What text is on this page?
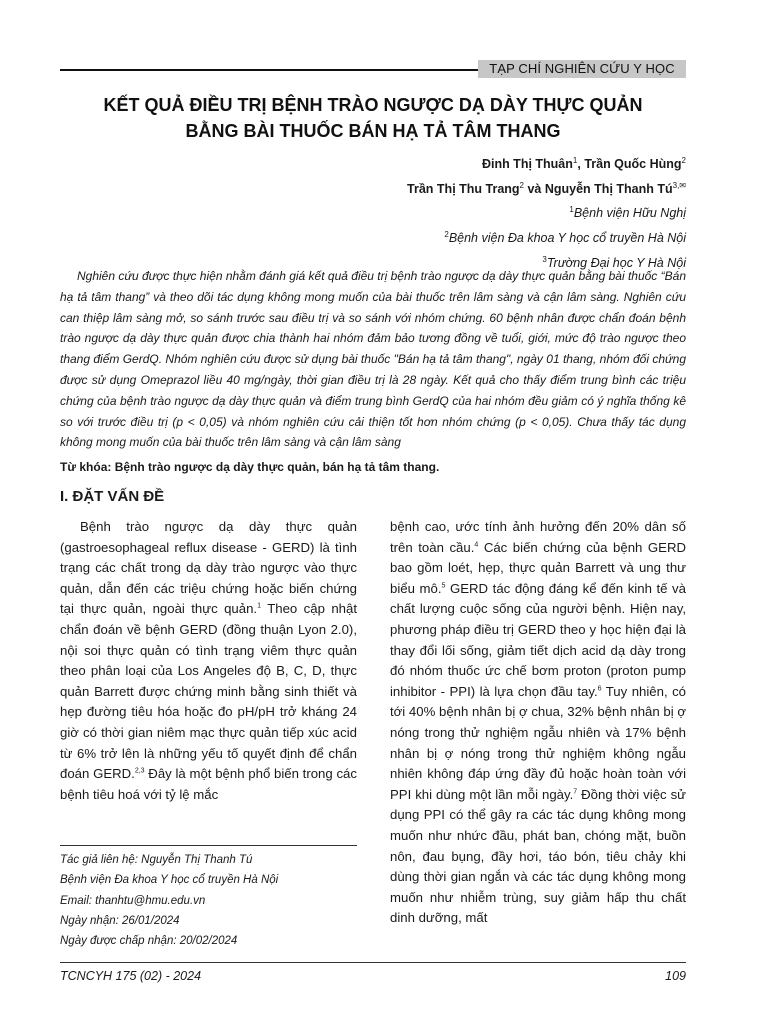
TẠP CHÍ NGHIÊN CỨU Y HỌC
KẾT QUẢ ĐIỀU TRỊ BỆNH TRÀO NGƯỢC DẠ DÀY THỰC QUẢN
BẰNG BÀI THUỐC BÁN HẠ TẢ TÂM THANG
Đinh Thị Thuân$^1$, Trần Quốc Hùng$^2$
Trần Thị Thu Trang$^2$ và Nguyễn Thị Thanh $Tú^{3,✉}$
$^1$Bệnh viện Hữu Nghị
$^2$Bệnh viện Đa khoa Y học cổ truyền Hà Nội
$^3$Trường Đại học Y Hà Nội

Nghiên cứu được thực hiện nhằm đánh giá kết quả điều trị bệnh trào ngược dạ dày thực quản bằng bài thuốc “Bán hạ tả tâm thang” và theo dõi tác dụng không mong muốn của bài thuốc trên lâm sàng và cận lâm sàng. Nghiên cứu can thiệp lâm sàng mở, so sánh trước sau điều trị và so sánh với nhóm chứng. 60 bệnh nhân được chẩn đoán bệnh trào ngược dạ dày thực quản được chia thành hai nhóm đảm bảo tương đồng về tuổi, giới, mức độ trào ngược theo thang điểm GerdQ. Nhóm nghiên cứu được sử dụng bài thuốc "Bán hạ tả tâm thang", ngày 01 thang, nhóm đối chứng được sử dụng Omeprazol liều 40 mg/ngày, thời gian điều trị là 28 ngày. Kết quả cho thấy điểm trung bình các triệu chứng của bệnh trào ngược dạ dày thực quản và điểm trung bình GerdQ của hai nhóm đều giảm có ý nghĩa thống kê so với trước điều trị (p < 0,05) và nhóm nghiên cứu cải thiện tốt hơn nhóm chứng (p < 0,05). Chưa thấy tác dụng không mong muốn của bài thuốc trên lâm sàng và cận lâm sàng

Từ khóa: Bệnh trào ngược dạ dày thực quản, bán hạ tả tâm thang.

I. ĐẶT VẤN ĐỀ

Bệnh trào ngược dạ dày thực quản (gastroesophageal reflux disease - GERD) là tình trạng các chất trong dạ dày trào ngược vào thực quản, dẫn đến các triệu chứng hoặc biến chứng tại thực quản, ngoài thực quản.$^1$ Theo cập nhật chẩn đoán về bệnh GERD (đồng thuận Lyon 2.0), nội soi thực quản có tình trạng viêm thực quản theo phân loại của Los Angeles độ B, C, D, thực quản Barrett được chứng minh bằng sinh thiết và hẹp đường tiêu hóa hoặc đo pH/pH trở kháng 24 giờ có thời gian niêm mạc thực quản tiếp xúc acid từ 6% trở lên là những yếu tố quyết định để chẩn đoán GERD.$^{2,3}$ Đây là một bệnh phổ biến trong các bệnh tiêu hoá với tỷ lệ mắc

bệnh cao, ước tính ảnh hưởng đến 20% dân số trên toàn cầu.$^4$ Các biến chứng của bệnh GERD bao gồm loét, hẹp, thực quản Barrett và ung thư biểu mô.$^5$ GERD tác động đáng kể đến kinh tế và chất lượng cuộc sống của người bệnh. Hiện nay, phương pháp điều trị GERD theo y học hiện đại là thay đổi lối sống, giảm tiết dịch acid dạ dày trong đó nhóm thuốc ức chế bơm proton (proton pump inhibitor - PPI) là lựa chọn đầu tay.$^6$ Tuy nhiên, có tới 40% bệnh nhân bị ợ chua, 32% bệnh nhân bị ợ nóng trong thử nghiệm ngẫu nhiên và 17% bệnh nhân bị ợ nóng trong thử nghiệm không ngẫu nhiên không đáp ứng đầy đủ hoặc hoàn toàn với PPI khi dùng một lần mỗi ngày.$^7$ Đồng thời việc sử dụng PPI có thể gây ra các tác dụng không mong muốn như nhức đầu, phát ban, chóng mặt, buồn nôn, đau bụng, đầy hơi, táo bón, tiêu chảy khi dùng thời gian ngắn và các tác dụng không mong muốn như nhiễm trùng, suy giảm hấp thu chất dinh dưỡng, mất

Tác giả liên hệ: Nguyễn Thị Thanh Tú
Bệnh viện Đa khoa Y học cổ truyền Hà Nội
Email: thanhtu@hmu.edu.vn
Ngày nhận: 26/01/2024
Ngày được chấp nhận: 20/02/2024
TCNCYH 175 (02) - 2024	109
